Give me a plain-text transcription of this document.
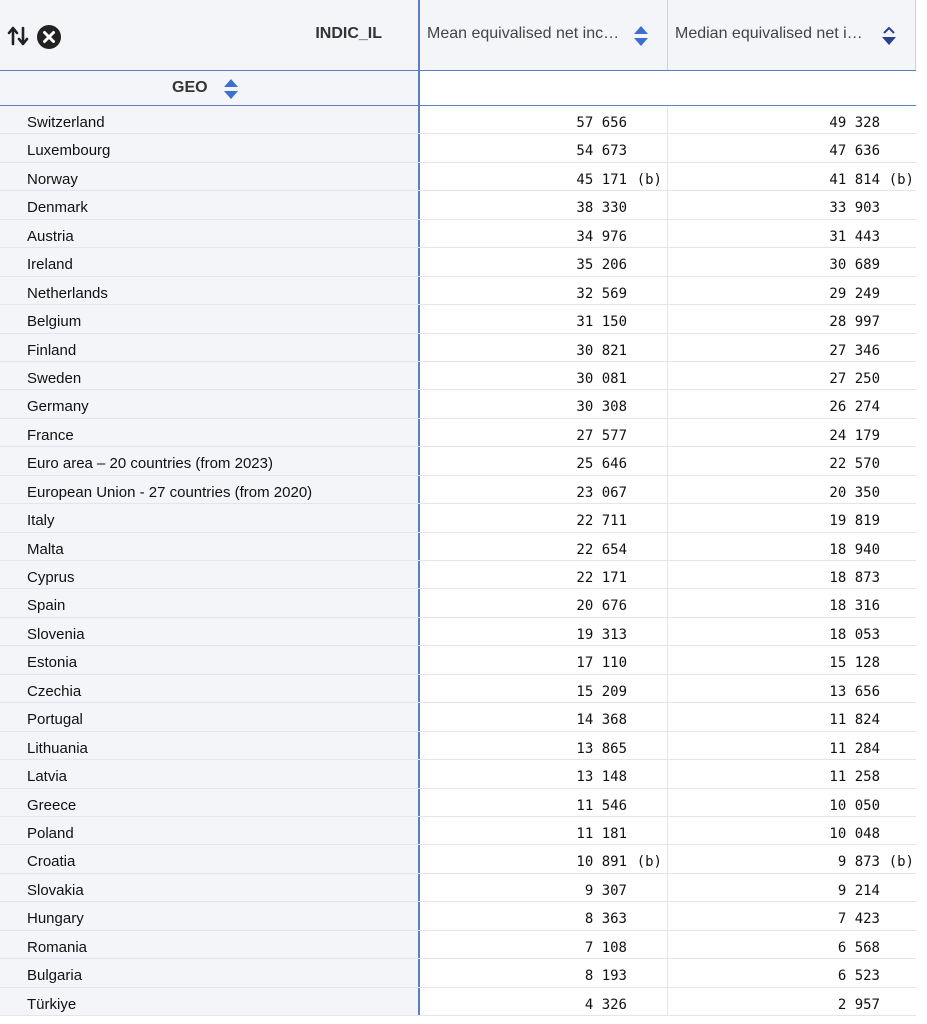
INDIC_IL	Mean equivalised net inc…	Median equivalised net i…
GEO
Switzerland	57 656	49 328
Luxembourg	54 673	47 636
Norway	45 171 (b)	41 814 (b)
Denmark	38 330	33 903
Austria	34 976	31 443
Ireland	35 206	30 689
Netherlands	32 569	29 249
Belgium	31 150	28 997
Finland	30 821	27 346
Sweden	30 081	27 250
Germany	30 308	26 274
France	27 577	24 179
Euro area – 20 countries (from 2023)	25 646	22 570
European Union - 27 countries (from 2020)	23 067	20 350
Italy	22 711	19 819
Malta	22 654	18 940
Cyprus	22 171	18 873
Spain	20 676	18 316
Slovenia	19 313	18 053
Estonia	17 110	15 128
Czechia	15 209	13 656
Portugal	14 368	11 824
Lithuania	13 865	11 284
Latvia	13 148	11 258
Greece	11 546	10 050
Poland	11 181	10 048
Croatia	10 891 (b)	9 873 (b)
Slovakia	9 307	9 214
Hungary	8 363	7 423
Romania	7 108	6 568
Bulgaria	8 193	6 523
Türkiye	4 326	2 957
